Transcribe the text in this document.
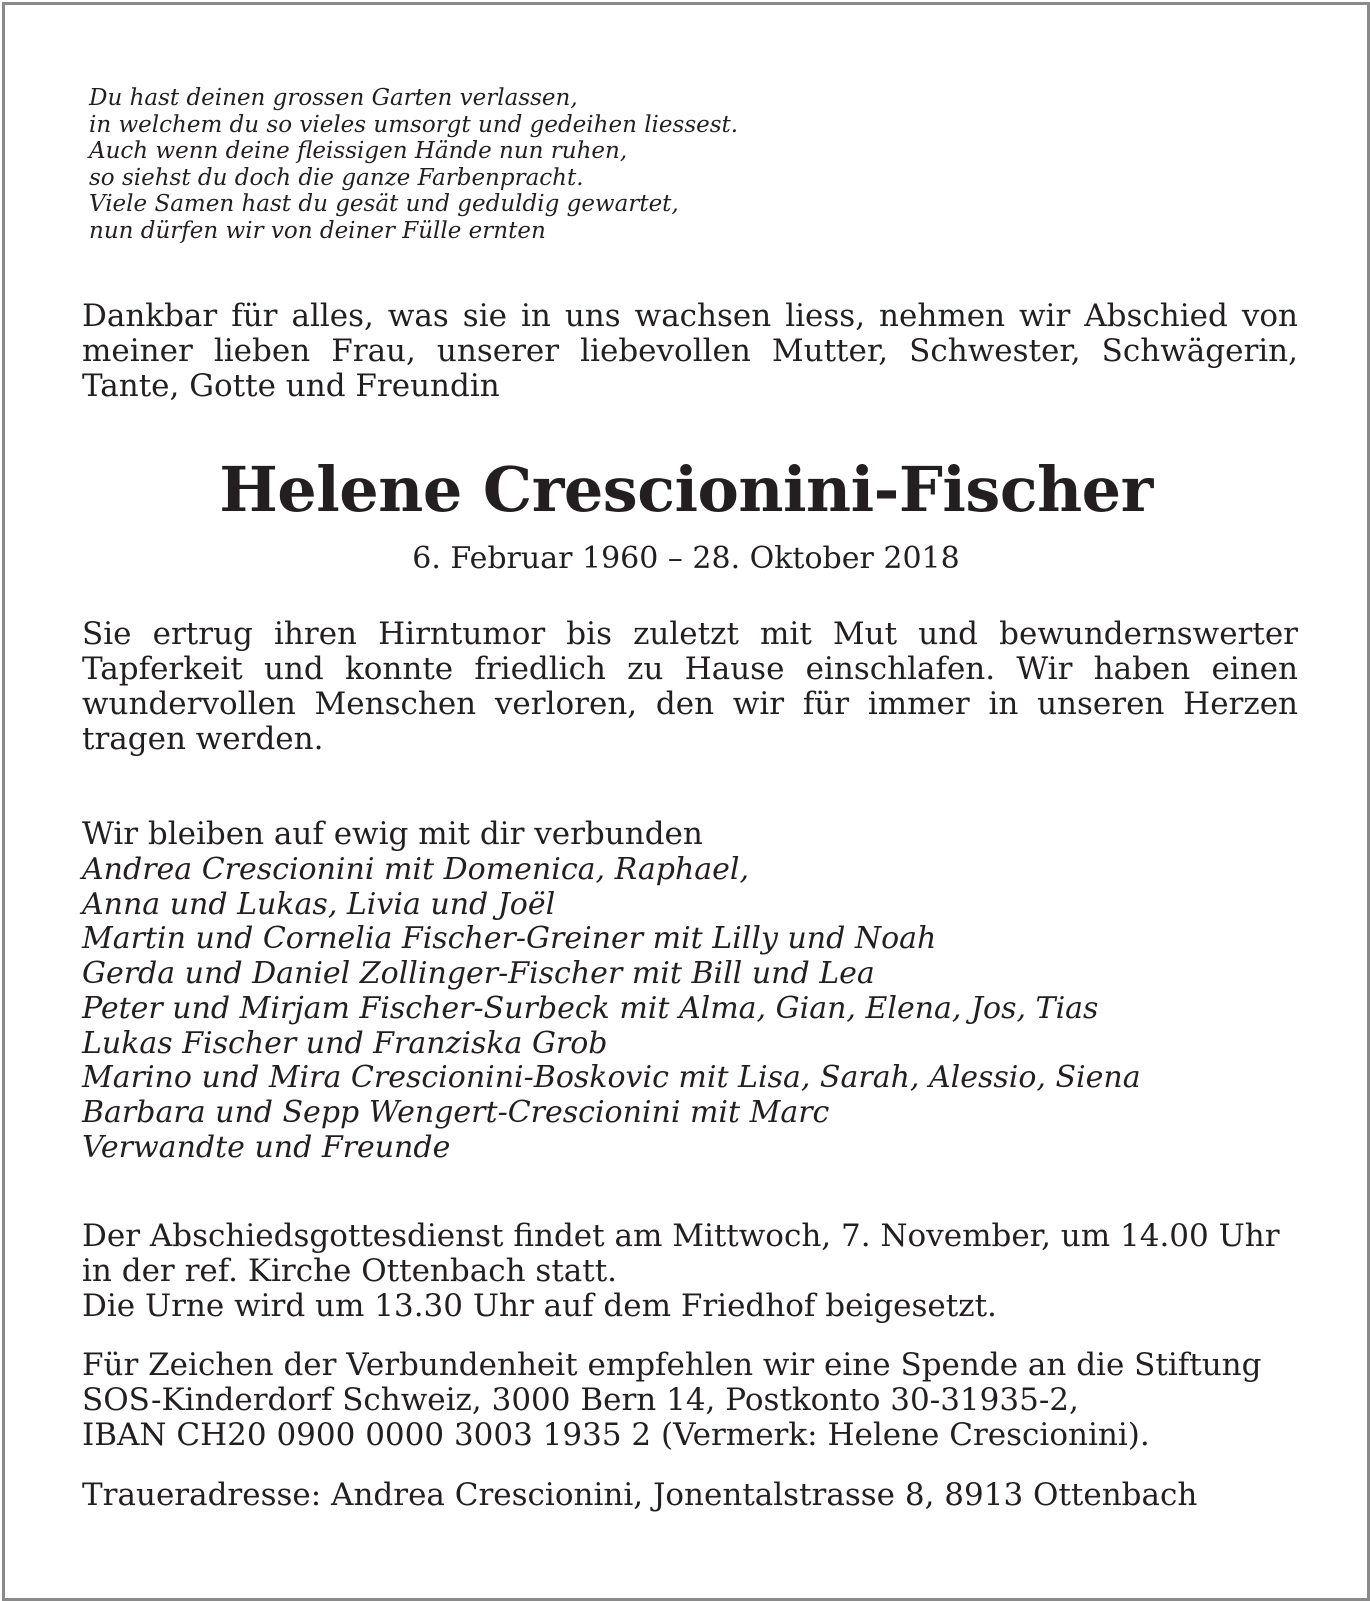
Du hast deinen grossen Garten verlassen,
in welchem du so vieles umsorgt und gedeihen liessest.
Auch wenn deine fleissigen Hände nun ruhen,
so siehst du doch die ganze Farbenpracht.
Viele Samen hast du gesät und geduldig gewartet,
nun dürfen wir von deiner Fülle ernten
Dankbar für alles, was sie in uns wachsen liess, nehmen wir Abschied von
meiner lieben Frau, unserer liebevollen Mutter, Schwester, Schwägerin,
Tante, Gotte und Freundin
Helene Crescionini-Fischer
6. Februar 1960 – 28. Oktober 2018
Sie ertrug ihren Hirntumor bis zuletzt mit Mut und bewundernswerter
Tapferkeit und konnte friedlich zu Hause einschlafen. Wir haben einen
wundervollen Menschen verloren, den wir für immer in unseren Herzen
tragen werden.
Wir bleiben auf ewig mit dir verbunden
Andrea Crescionini mit Domenica, Raphael,
Anna und Lukas, Livia und Joël
Martin und Cornelia Fischer-Greiner mit Lilly und Noah
Gerda und Daniel Zollinger-Fischer mit Bill und Lea
Peter und Mirjam Fischer-Surbeck mit Alma, Gian, Elena, Jos, Tias
Lukas Fischer und Franziska Grob
Marino und Mira Crescionini-Boskovic mit Lisa, Sarah, Alessio, Siena
Barbara und Sepp Wengert-Crescionini mit Marc
Verwandte und Freunde
Der Abschiedsgottesdienst findet am Mittwoch, 7. November, um 14.00 Uhr
in der ref. Kirche Ottenbach statt.
Die Urne wird um 13.30 Uhr auf dem Friedhof beigesetzt.
Für Zeichen der Verbundenheit empfehlen wir eine Spende an die Stiftung
SOS-Kinderdorf Schweiz, 3000 Bern 14, Postkonto 30-31935-2,
IBAN CH20 0900 0000 3003 1935 2 (Vermerk: Helene Crescionini).
Traueradresse: Andrea Crescionini, Jonentalstrasse 8, 8913 Ottenbach
